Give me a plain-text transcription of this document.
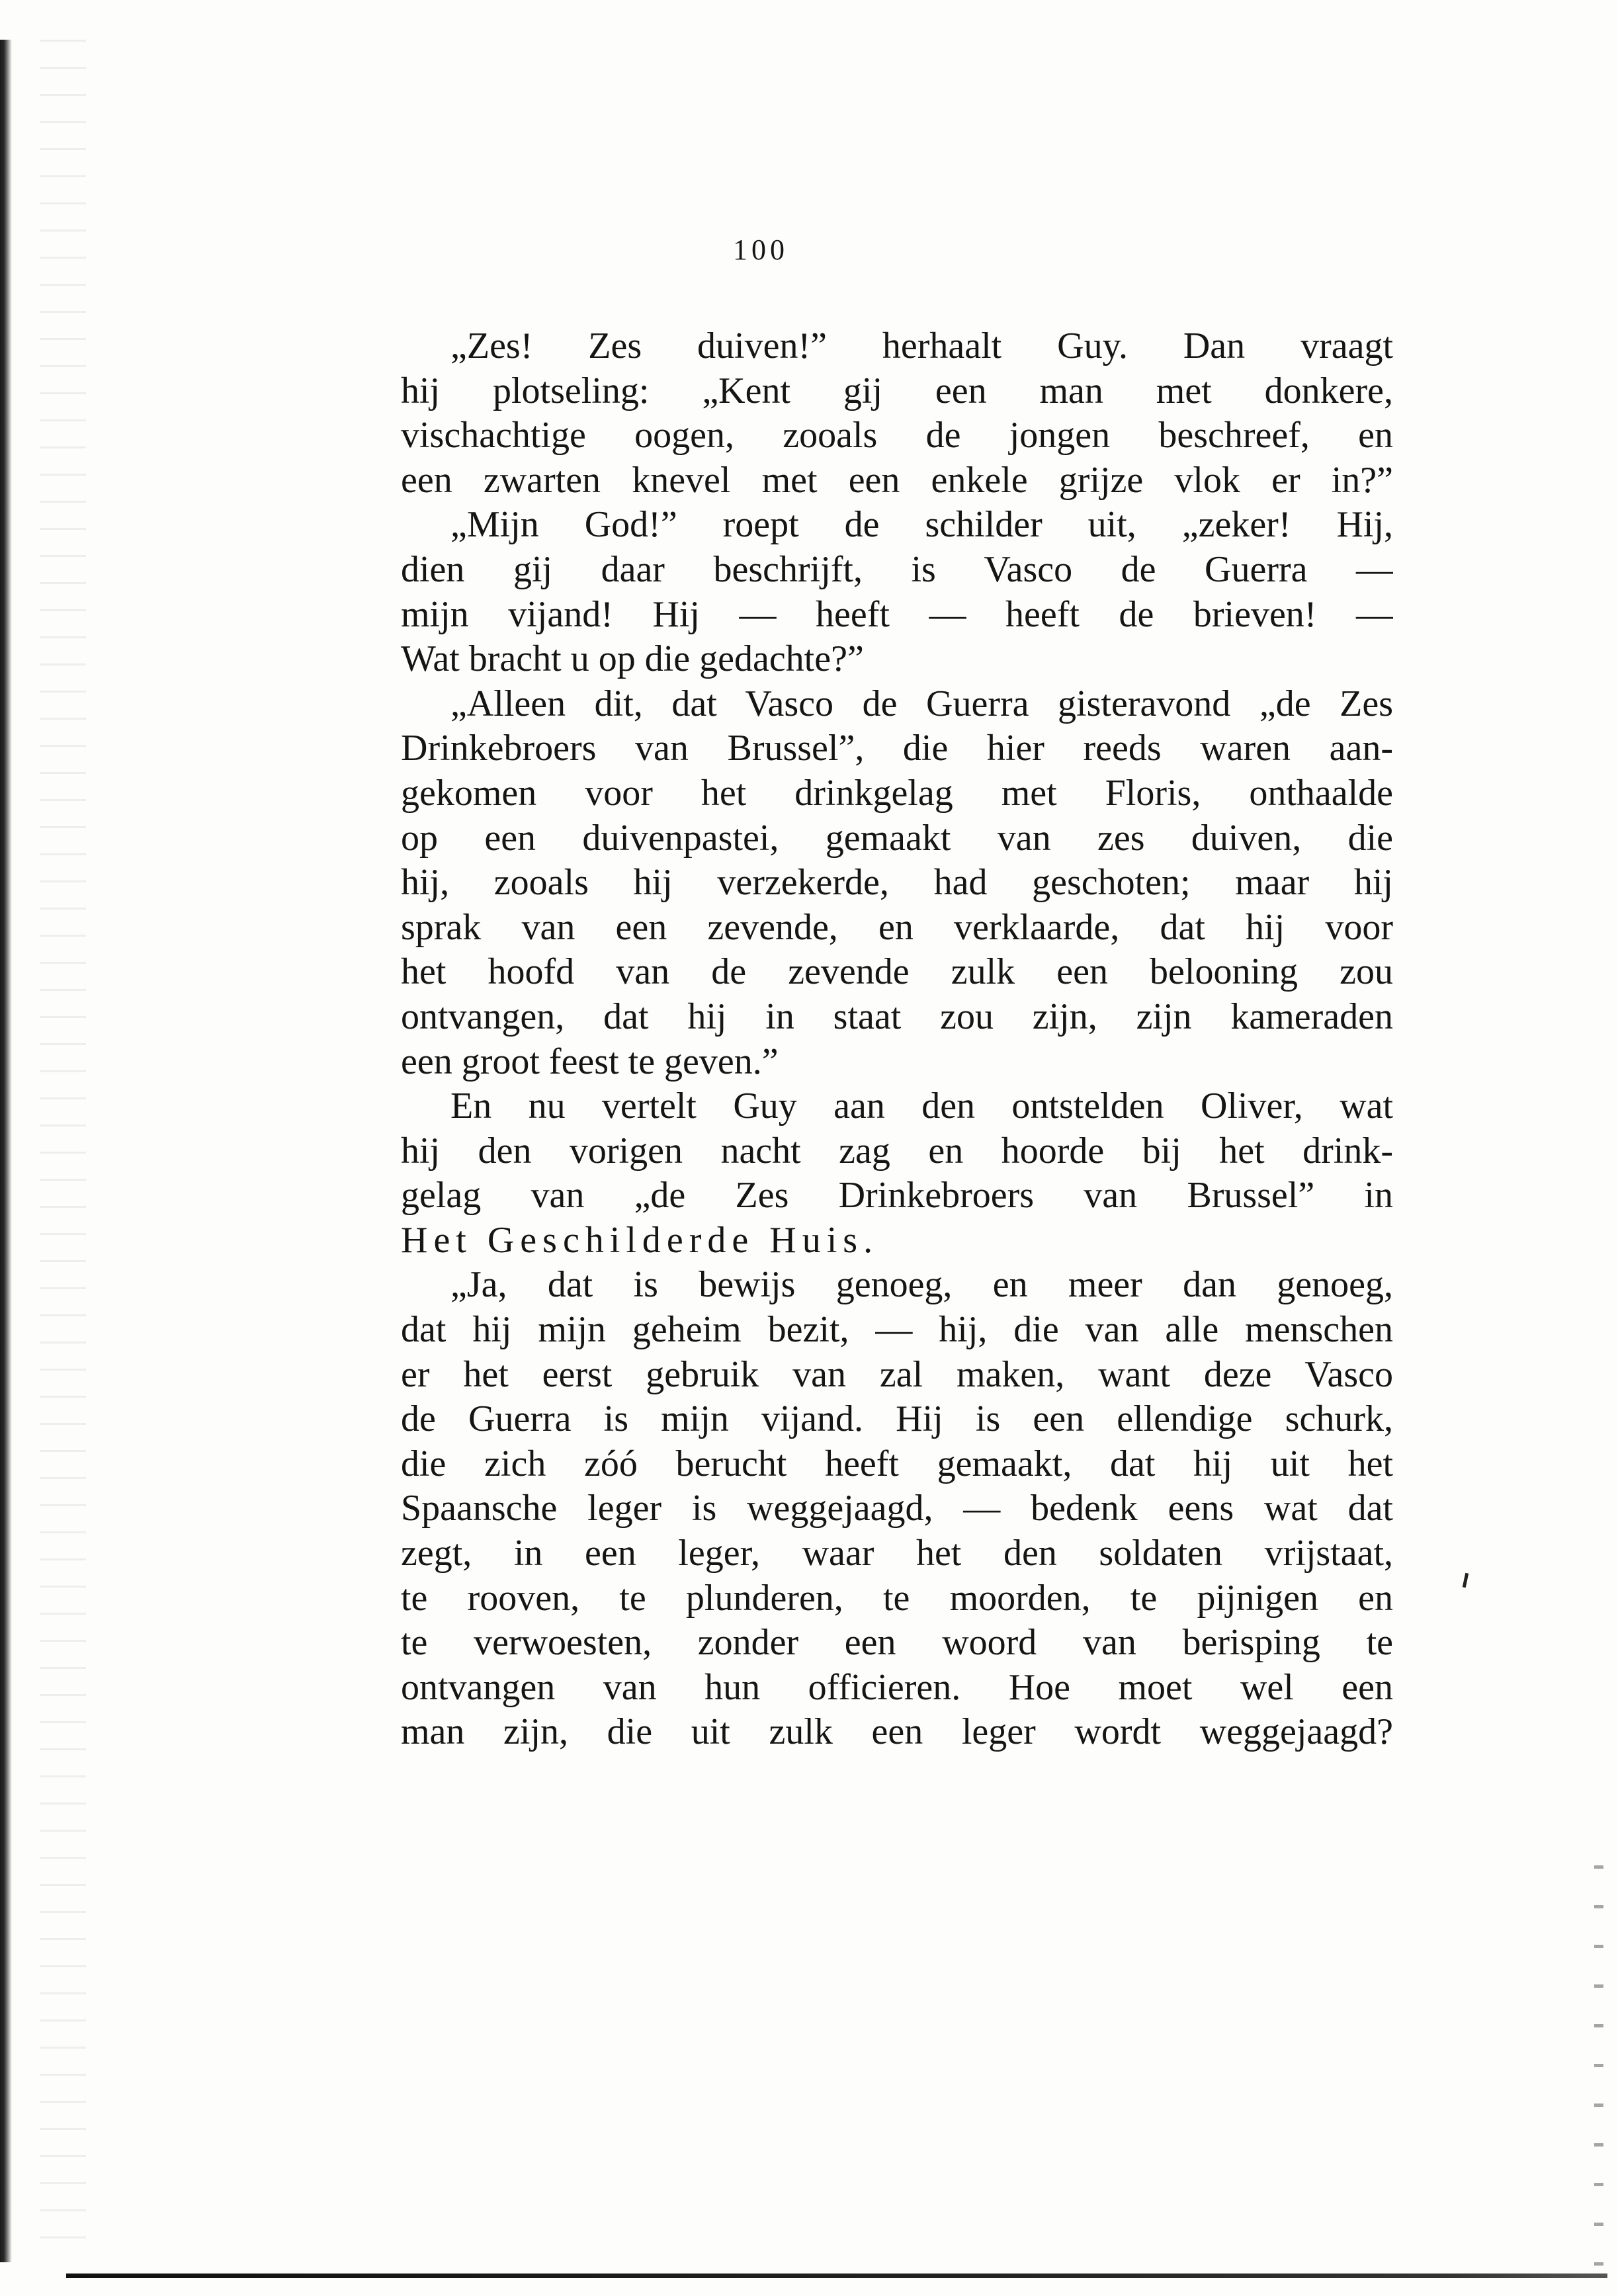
100
„Zes! Zes duiven!” herhaalt Guy. Dan vraagt
hij plotseling: „Kent gij een man met donkere,
vischachtige oogen, zooals de jongen beschreef, en
een zwarten knevel met een enkele grijze vlok er in?”
„Mijn God!” roept de schilder uit, „zeker! Hij,
dien gij daar beschrijft, is Vasco de Guerra —
mijn vijand! Hij — heeft — heeft de brieven! —
Wat bracht u op die gedachte?”
„Alleen dit, dat Vasco de Guerra gisteravond „de Zes
Drinkebroers van Brussel”, die hier reeds waren aan-
gekomen voor het drinkgelag met Floris, onthaalde
op een duivenpastei, gemaakt van zes duiven, die
hij, zooals hij verzekerde, had geschoten; maar hij
sprak van een zevende, en verklaarde, dat hij voor
het hoofd van de zevende zulk een belooning zou
ontvangen, dat hij in staat zou zijn, zijn kameraden
een groot feest te geven.”
En nu vertelt Guy aan den ontstelden Oliver, wat
hij den vorigen nacht zag en hoorde bij het drink-
gelag van „de Zes Drinkebroers van Brussel” in
Het Geschilderde Huis.
„Ja, dat is bewijs genoeg, en meer dan genoeg,
dat hij mijn geheim bezit, — hij, die van alle menschen
er het eerst gebruik van zal maken, want deze Vasco
de Guerra is mijn vijand. Hij is een ellendige schurk,
die zich zóó berucht heeft gemaakt, dat hij uit het
Spaansche leger is weggejaagd, — bedenk eens wat dat
zegt, in een leger, waar het den soldaten vrijstaat,
te rooven, te plunderen, te moorden, te pijnigen en
te verwoesten, zonder een woord van berisping te
ontvangen van hun officieren. Hoe moet wel een
man zijn, die uit zulk een leger wordt weggejaagd?
